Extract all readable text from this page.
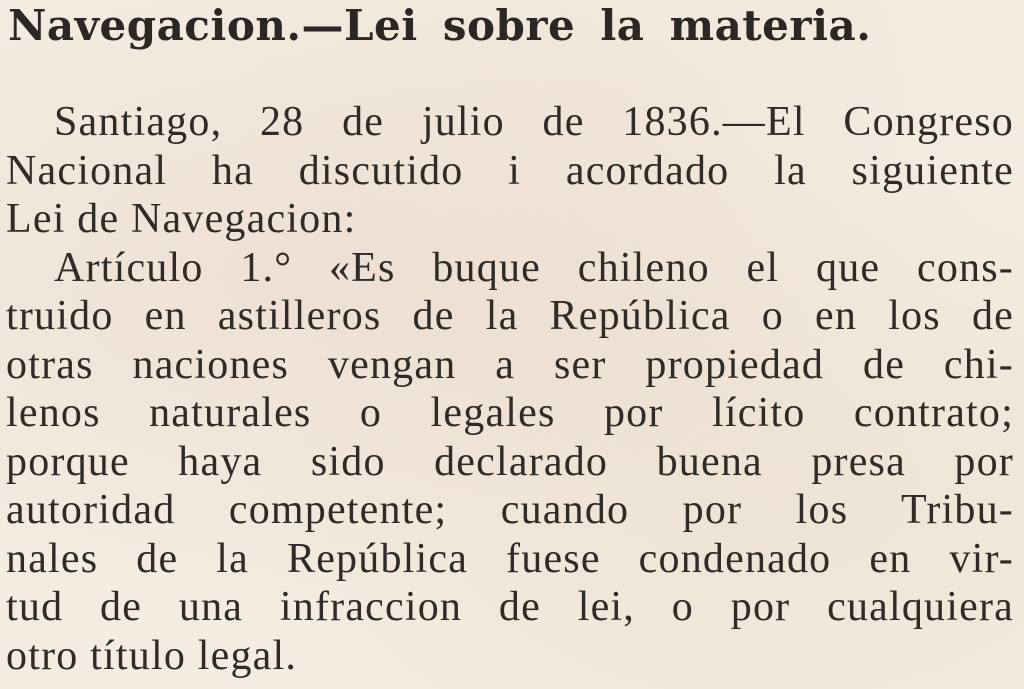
Navegacion.—Lei sobre la materia.
Santiago, 28 de julio de 1836.—El Congreso
Nacional ha discutido i acordado la siguiente
Lei de Navegacion:
Artículo 1.° «Es buque chileno el que cons-
truido en astilleros de la República o en los de
otras naciones vengan a ser propiedad de chi-
lenos naturales o legales por lícito contrato;
porque haya sido declarado buena presa por
autoridad competente; cuando por los Tribu-
nales de la República fuese condenado en vir-
tud de una infraccion de lei, o por cualquiera
otro título legal.
